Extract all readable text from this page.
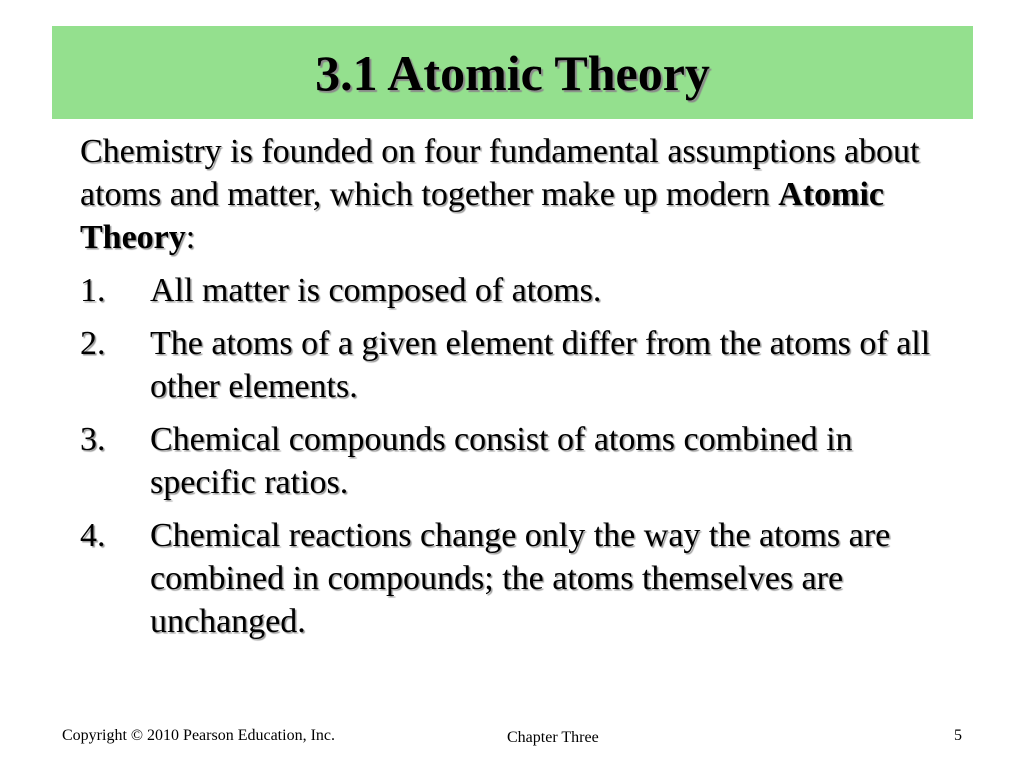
3.1 Atomic Theory

Chemistry is founded on four fundamental assumptions about atoms and matter, which together make up modern Atomic Theory:

1.	All matter is composed of atoms.
2.	The atoms of a given element differ from the atoms of all other elements.
3.	Chemical compounds consist of atoms combined in specific ratios.
4.	Chemical reactions change only the way the atoms are combined in compounds; the atoms themselves are unchanged.
Copyright © 2010 Pearson Education, Inc.	Chapter Three	5
